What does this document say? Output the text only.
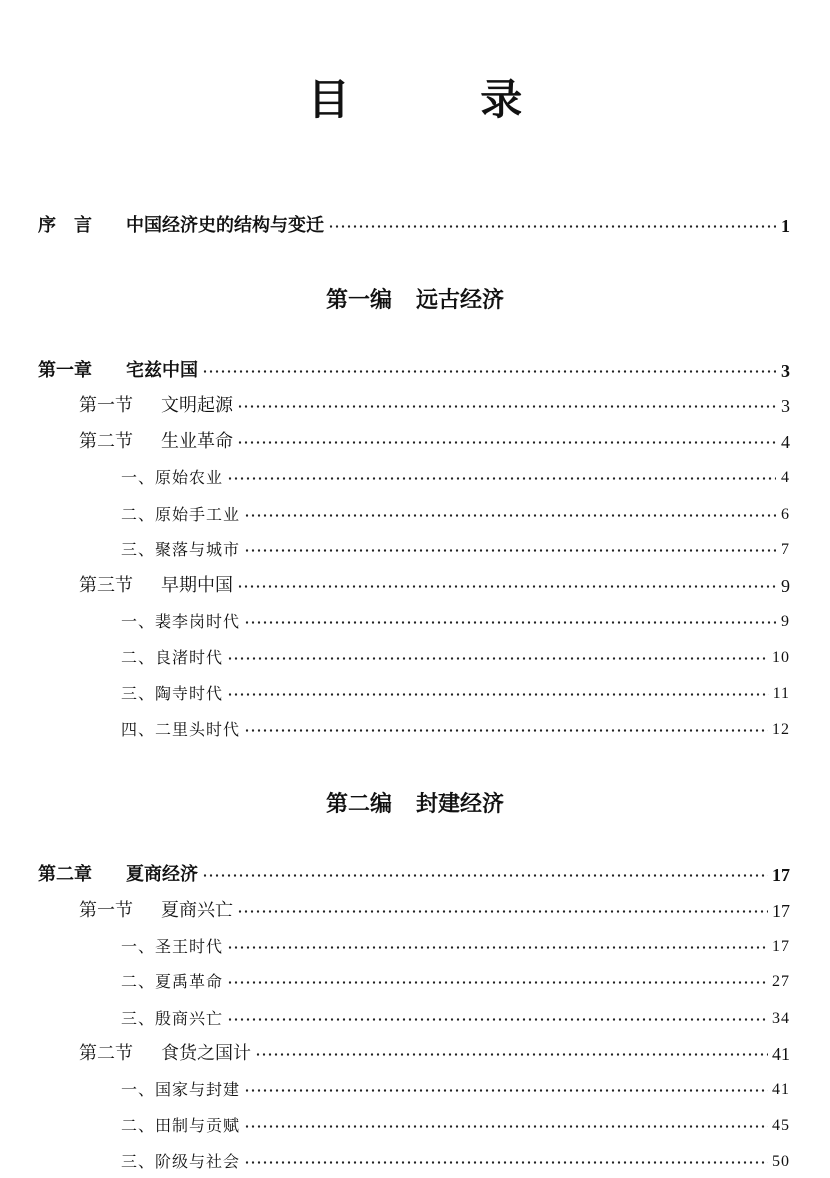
目 录
序言 中国经济史的结构与变迁	1
第一编 远古经济
第一章	宅兹中国	3
第一节	文明起源	3
第二节	生业革命	4
一、原始农业	4
二、原始手工业	6
三、聚落与城市	7
第三节	早期中国	9
一、裴李岗时代	9
二、良渚时代	10
三、陶寺时代	11
四、二里头时代	12
第二编 封建经济
第二章	夏商经济	17
第一节	夏商兴亡	17
一、圣王时代	17
二、夏禹革命	27
三、殷商兴亡	34
第二节	食货之国计	41
一、国家与封建	41
二、田制与贡赋	45
三、阶级与社会	50
